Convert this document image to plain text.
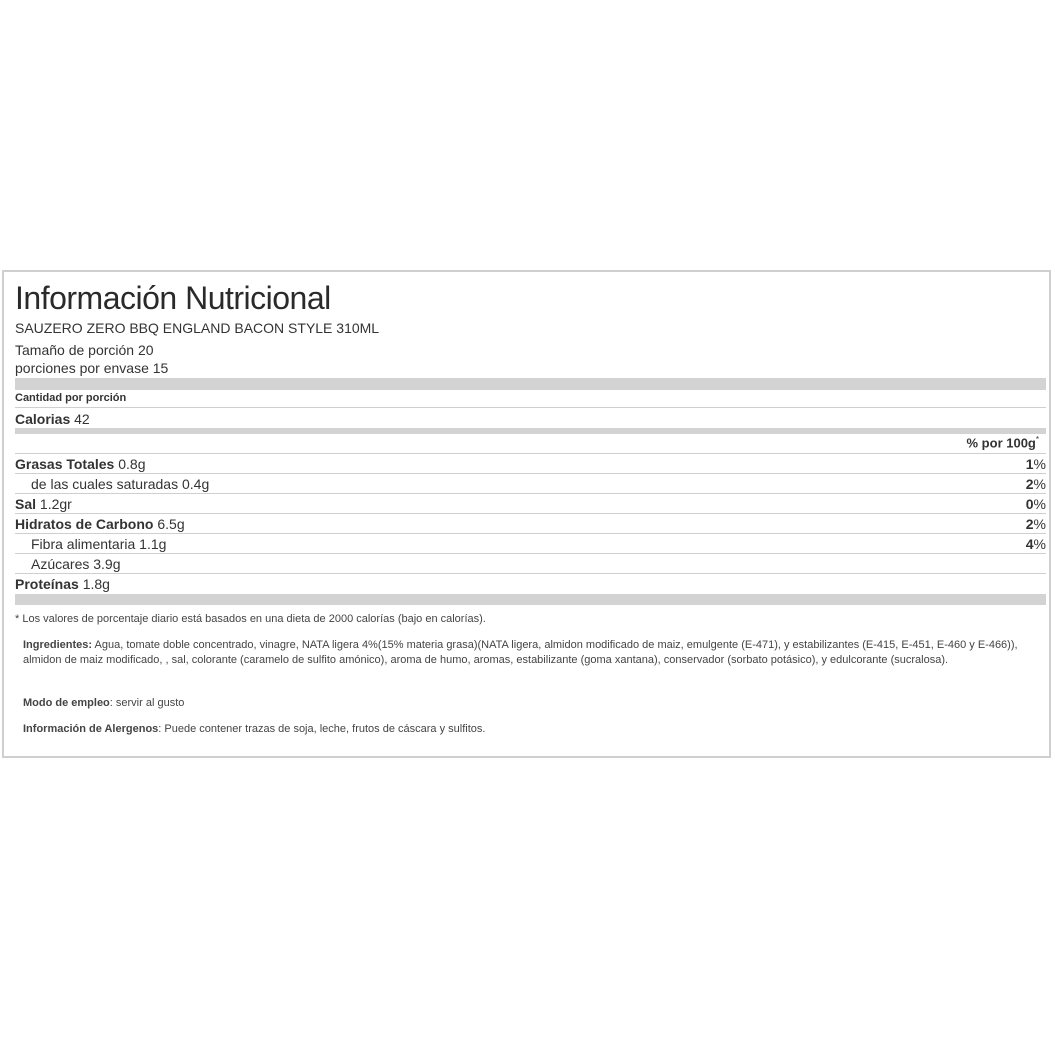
Información Nutricional
SAUZERO ZERO BBQ ENGLAND BACON STYLE 310ML
Tamaño de porción 20
porciones por envase 15
Cantidad por porción
Calorias 42
% por 100g*
Grasas Totales 0.8g	1%
de las cuales saturadas 0.4g	2%
Sal 1.2gr	0%
Hidratos de Carbono 6.5g	2%
Fibra alimentaria 1.1g	4%
Azúcares 3.9g
Proteínas 1.8g
* Los valores de porcentaje diario está basados en una dieta de 2000 calorías (bajo en calorías).
Ingredientes: Agua, tomate doble concentrado, vinagre, NATA ligera 4%(15% materia grasa)(NATA ligera, almidon modificado de maiz, emulgente (E-471), y estabilizantes (E-415, E-451, E-460 y E-466)), almidon de maiz modificado, , sal, colorante (caramelo de sulfito amónico), aroma de humo, aromas, estabilizante (goma xantana), conservador (sorbato potásico), y edulcorante (sucralosa).
Modo de empleo: servir al gusto
Información de Alergenos: Puede contener trazas de soja, leche, frutos de cáscara y sulfitos.
